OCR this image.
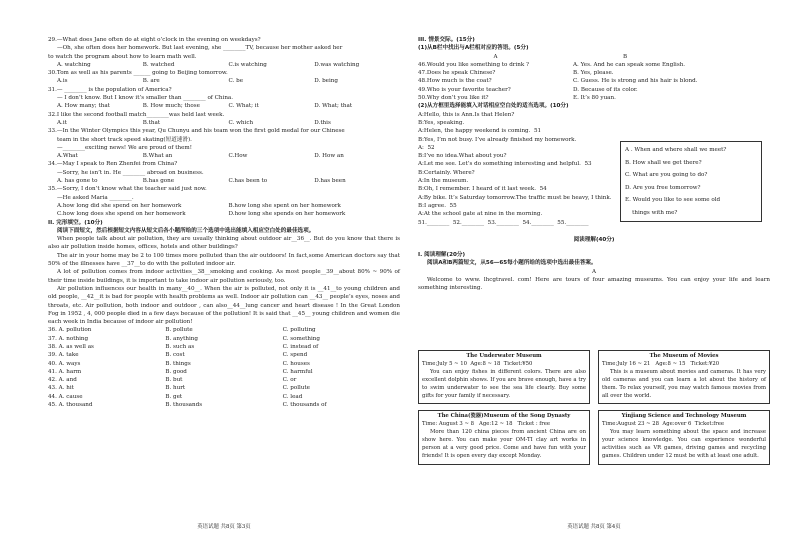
29.—What does Jane often do at eight o’clock in the evening on weekdays?
—Oh, she often does her homework. But last evening, she ________TV, because her mother asked her
to watch the program about how to learn math well.
A. watching	B. watched	C.is watching	D.was watching
30.Tom as well as his parents ______ going to Beijing tomorrow.
A.is	B. are	C. be	D. being
31.— ________ is the population of America?
— I don’t know. But I know it’s smaller than ________ of China.
A. How many; that	B. How much; those	C. What; it	D. What; that
32.I like the second football match________was held last week.
A.it	B.that	C. which	D.this
33.—In the Winter Olympics this year, Qu Chunyu and his team won the first gold medal for our Chinese
team in the short track speed skating(短道速滑).
—________exciting news! We are proud of them!
A.What	B.What an	C.How	D. How an
34.—May I speak to Ren Zhenfei from China?
—Sorry, he isn’t in. He ________ abroad on business.
A. has gone to	B.has gone	C.has been to	D.has been
35.—Sorry, I don’t know what the teacher said just now.
—He asked Maria ________.
A.how long did she spend on her homework	B.how long she spent on her homework
C.how long does she spend on her homework	D.how long she spends on her homework
II. 完形填空。(10分)
阅读下面短文，然后根据短文内容从短文后各小题所给的三个选项中选出能填入相应空白处的最佳选项。
When people talk about air pollution, they are usually thinking about outdoor air__36__. But do you know that there is also air pollution inside homes, offices, hotels and other buildings?
The air in your home may be 2 to 100 times more polluted than the air outdoors! In fact,some American doctors say that 50% of the illnesses have __37__to do with the polluted indoor air.
A lot of pollution comes from indoor activities__38__smoking and cooking. As most people__39__about 80% ~ 90% of their time inside buildings, it is important to take indoor air pollution seriously, too.
Air pollution influences our health in many__40__. When the air is polluted, not only it is __41__to young children and old people, __42__it is bad for people with health problems as well. Indoor air pollution can __43__ people’s eyes, noses and throats, etc. Air pollution, both indoor and outdoor , can also__44__lung cancer and heart disease ! In the Great London Fog in 1952 , 4, 000 people died in a few days because of the pollution! It is said that __45__ young children and women die each week in India because of indoor air pollution!
36. A. pollution	B. pollute	C. polluting
37. A. nothing	B. anything	C. something
38. A. as well as	B. such as	C. instead of
39. A. take	B. cost	C. spend
40. A. ways	B. things	C. houses
41. A. harm	B. good	C. harmful
42. A. and	B. but	C. or
43. A. hit	B. hurt	C. pollute
44. A. cause	B. get	C. lead
45. A. thousand	B. thousands	C. thousands of
英语试题 共8页 第3页
III. 情景交际。(15分)
(1)从B栏中找出与A栏相对应的答语。(5分)
A	B
46.Would you like something to drink ?	A. Yes. And he can speak some English.
47.Does he speak Chinese?	B. Yes, please.
48.How much is the coat?	C. Guess. He is strong and his hair is blond.
49.Who is your favorite teacher?	D. Because of its color.
50.Why don’t you like it?	E. It’s 80 yuan.
(2)从方框里选择能填入对话相应空白处的适当选项。(10分)
A:Hello, this is Ann.Is that Helen?
B:Yes, speaking.
A:Helen, the happy weekend is coming.  51
B:Yes, I’m not busy. I’ve already finished my homework.
A:  52
B:I’ve no idea.What about you?
A:Let me see. Let’s do something interesting and helpful.  53
B:Certainly. Where?
A:In the museum.
B:Oh, I remember. I heard of it last week.  54
A:By bike. It’s Saturday tomorrow.The traffic must be heavy, I think.
B:I agree.  55
A:At the school gate at nine in the morning.
51.________  52.________  53.________  54.________  55.________
阅读理解(40分)
I. 阅读理解(20分)
阅读A和B两篇短文，从56—65每小题所给的选项中选出最佳答案。
A
Welcome to www. lhcgtravel. com! Here are tours of four amazing museums. You can enjoy your life and learn something interesting.
A . When and where shall we meet?
B. How shall we get there?
C. What are you going to do?
D. Are you free tomorrow?
E. Would you like to see some old
things with me?
The Underwater Museum
Time:July 5 ~ 10  Age:8 ~ 18  Ticket:¥50
You can enjoy fishes in different colors. There are also excellent dolphin shows. If you are brave enough, have a try to swim underwater to see the sea life clearly. Buy some gifts for your family if necessary.
The Museum of Movies
Time:July 16 ~ 21   Age:8 ~ 15   Ticket:¥20
This is a museum about movies and cameras. It has very old cameras and you can learn a lot about the history of them. To relax yourself, you may watch famous movies from all over the world.
The China(瓷器)Museum of the Song Dynasty
Time: August 3 ~ 8   Age:12 ~ 18   Ticket : free
More than 120 china pieces from ancient China are on show here. You can make your OM-TI clay art works in person at a very good price. Come and have fun with your friends! It is open every day except Monday.
Yinjiang Science and Technology Museum
Time:August 23 ~ 28  Age:over 6  Ticket:free
You may learn something about the space and increase your science knowledge. You can experience wonderful activities such as VR games, driving games and recycling games. Children under 12 must be with at least one adult.
英语试题 共8页 第4页
